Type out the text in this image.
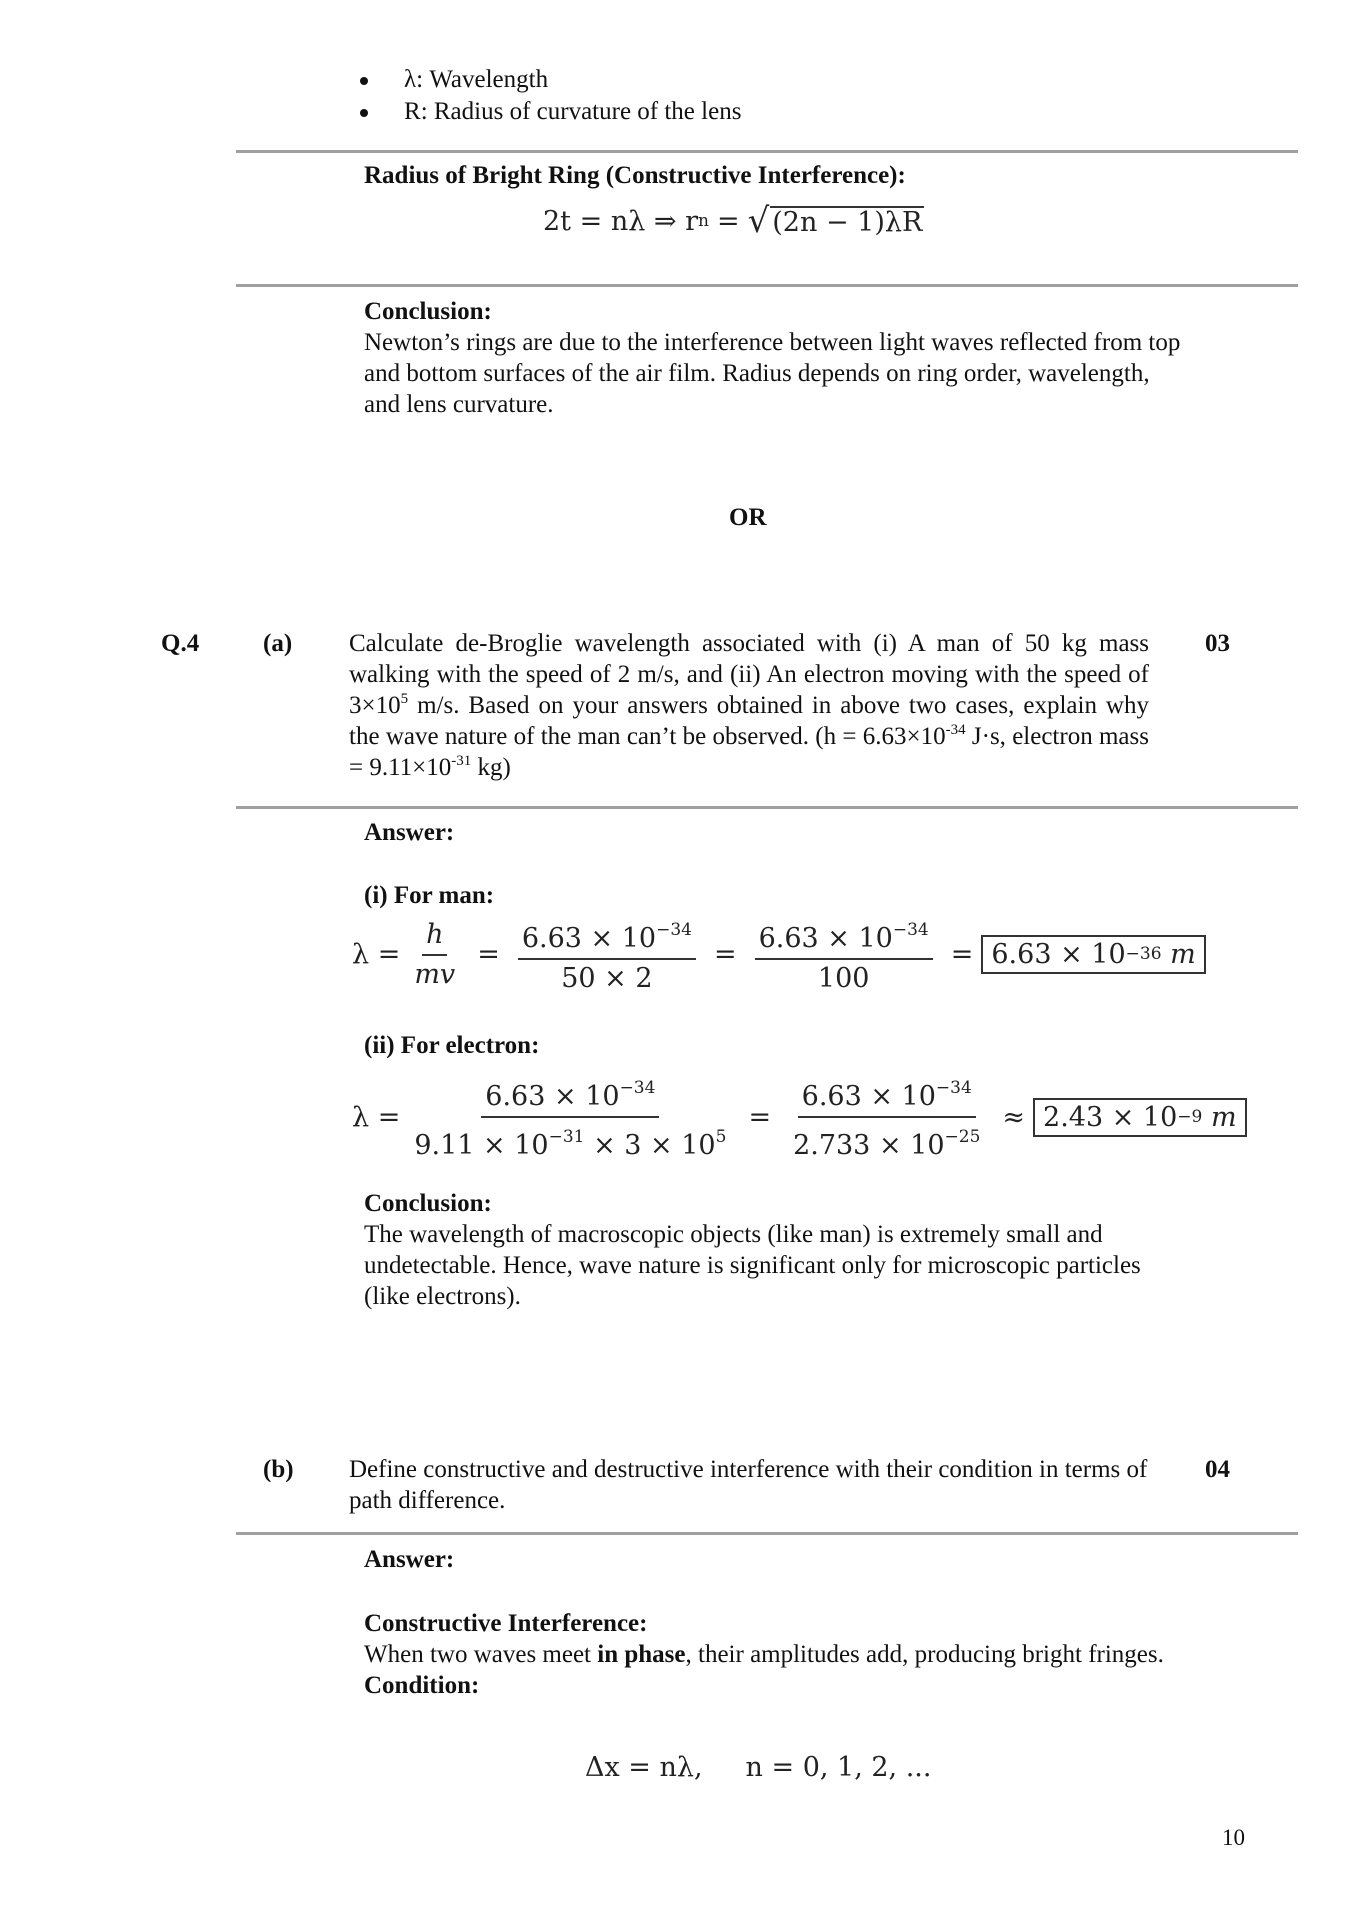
λ: Wavelength
R: Radius of curvature of the lens
Radius of Bright Ring (Constructive Interference):
2t = nλ ⇒ r n = √ (2n − 1)λR
Conclusion:
Newton’s rings are due to the interference between light waves reflected from top and bottom surfaces of the air film. Radius depends on ring order, wavelength, and lens curvature.
OR
Q.4	(a) Calculate de-Broglie wavelength associated with (i) A man of 50 kg mass walking with the speed of 2 m/s, and (ii) An electron moving with the speed of $3\times 10^5$ m/s. Based on your answers obtained in above two cases, explain why the wave nature of the man can’t be observed. ($h = 6.63\times 10^{-34}$ J·s, electron mass = $9.11\times 10^{-31}$ kg)
03
Answer:
(i) For man:
$\lambda = \frac{h}{mv} = \frac{6.63 \times 10^{-34}}{50 \times 2} = \frac{6.63 \times 10^{-34}}{100} = 6.63 \times 10 -36$
m
(ii) For electron:
$\lambda = \frac{6.63 \times 10^{-34}}{9.11 \times 10^{-31} \times 3 \times 10^5} = \frac{6.63 \times 10^{-34}}{2.733 \times 10^{-25}} \approx 2.43 \times 10 -9$
m
Conclusion:
The wavelength of macroscopic objects (like man) is extremely small and undetectable. Hence, wave nature is significant only for microscopic particles (like electrons).
(b) Define constructive and destructive interference with their condition in terms of path difference.
04
Answer:
Constructive Interference:
When two waves meet in phase, their amplitudes add, producing bright fringes.
Condition:
Δx = nλ,     n = 0, 1, 2, ...
10
